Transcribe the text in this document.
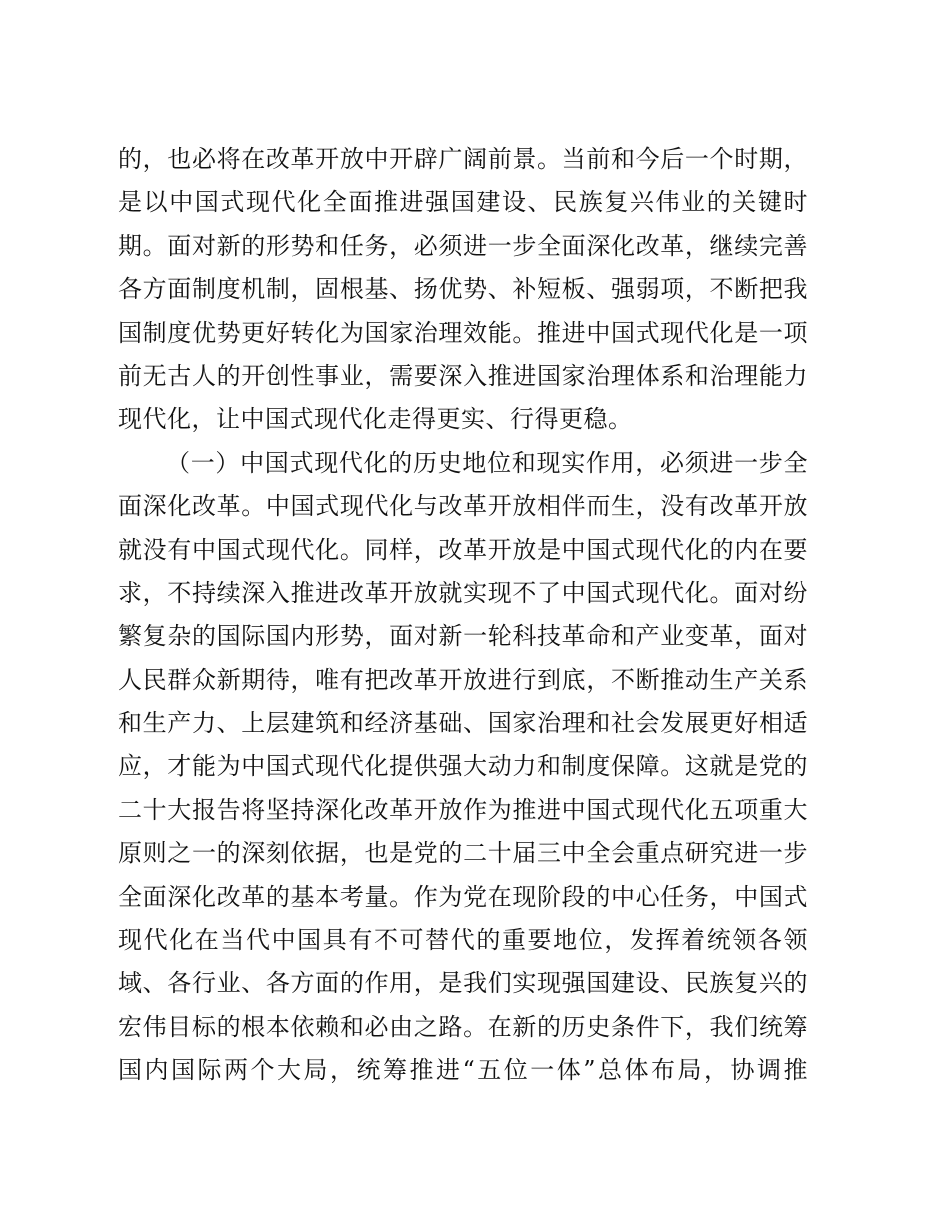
的，也必将在改革开放中开辟广阔前景。当前和今后一个时期，
是以中国式现代化全面推进强国建设、民族复兴伟业的关键时
期。面对新的形势和任务，必须进一步全面深化改革，继续完善
各方面制度机制，固根基、扬优势、补短板、强弱项，不断把我
国制度优势更好转化为国家治理效能。推进中国式现代化是一项
前无古人的开创性事业，需要深入推进国家治理体系和治理能力
现代化，让中国式现代化走得更实、行得更稳。
（一）中国式现代化的历史地位和现实作用，必须进一步全
面深化改革。中国式现代化与改革开放相伴而生，没有改革开放
就没有中国式现代化。同样，改革开放是中国式现代化的内在要
求，不持续深入推进改革开放就实现不了中国式现代化。面对纷
繁复杂的国际国内形势，面对新一轮科技革命和产业变革，面对
人民群众新期待，唯有把改革开放进行到底，不断推动生产关系
和生产力、上层建筑和经济基础、国家治理和社会发展更好相适
应，才能为中国式现代化提供强大动力和制度保障。这就是党的
二十大报告将坚持深化改革开放作为推进中国式现代化五项重大
原则之一的深刻依据，也是党的二十届三中全会重点研究进一步
全面深化改革的基本考量。作为党在现阶段的中心任务，中国式
现代化在当代中国具有不可替代的重要地位，发挥着统领各领
域、各行业、各方面的作用，是我们实现强国建设、民族复兴的
宏伟目标的根本依赖和必由之路。在新的历史条件下，我们统筹
国内国际两个大局，统筹推进“五位一体”总体布局，协调推
